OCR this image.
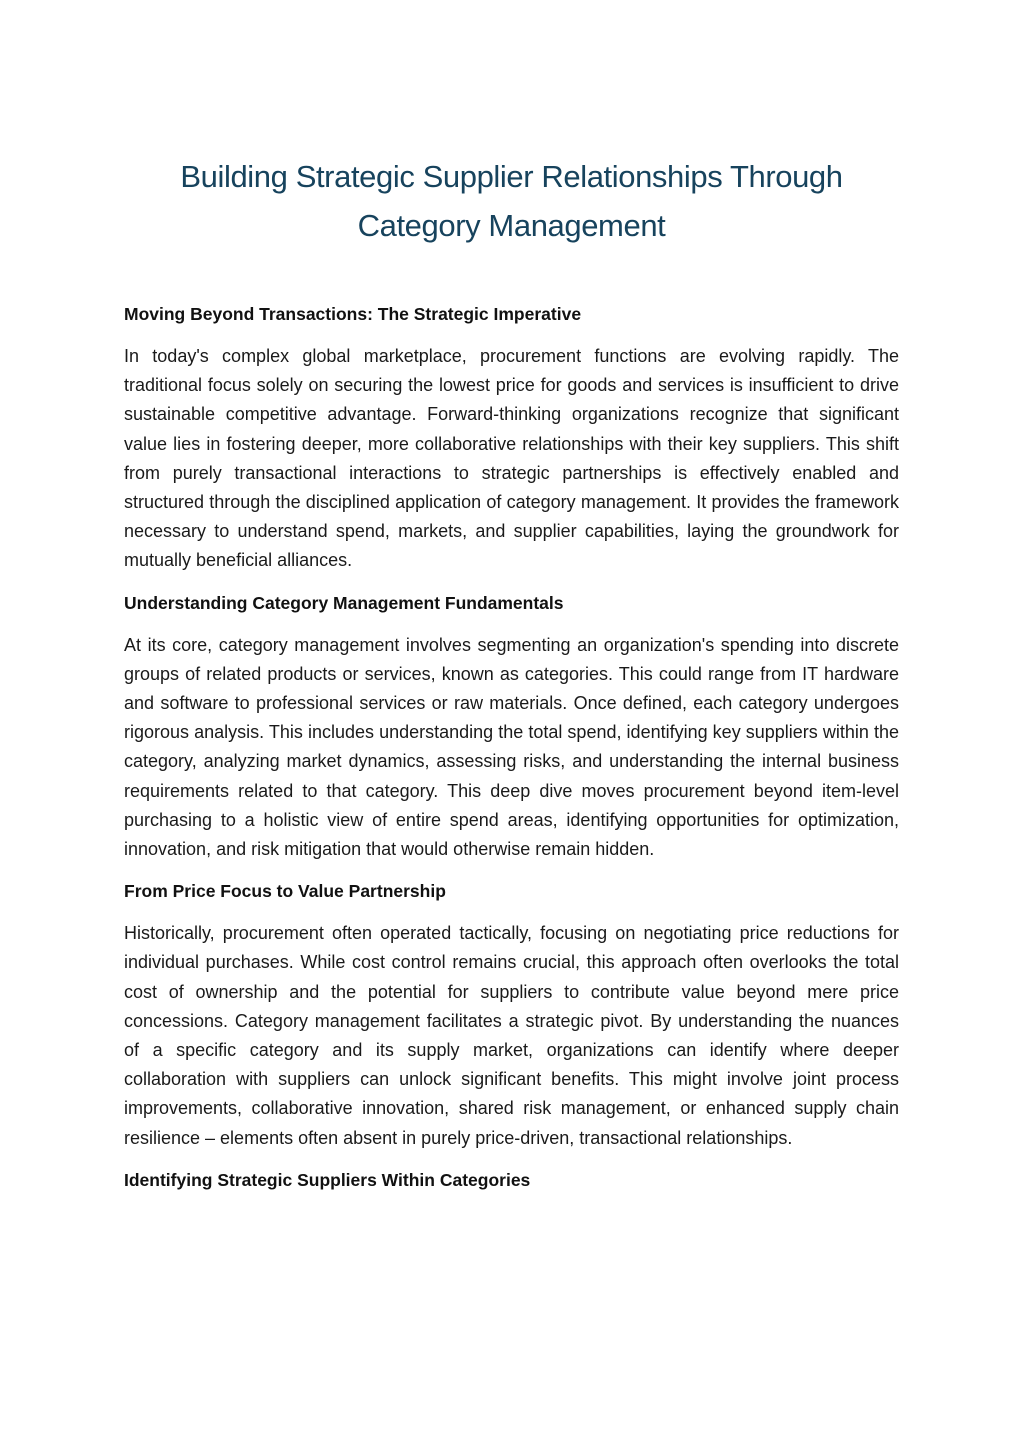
Building Strategic Supplier Relationships Through Category Management
Moving Beyond Transactions: The Strategic Imperative

In today's complex global marketplace, procurement functions are evolving rapidly. The traditional focus solely on securing the lowest price for goods and services is insufficient to drive sustainable competitive advantage. Forward-thinking organizations recognize that significant value lies in fostering deeper, more collaborative relationships with their key suppliers. This shift from purely transactional interactions to strategic partnerships is effectively enabled and structured through the disciplined application of category management. It provides the framework necessary to understand spend, markets, and supplier capabilities, laying the groundwork for mutually beneficial alliances.

Understanding Category Management Fundamentals

At its core, category management involves segmenting an organization's spending into discrete groups of related products or services, known as categories. This could range from IT hardware and software to professional services or raw materials. Once defined, each category undergoes rigorous analysis. This includes understanding the total spend, identifying key suppliers within the category, analyzing market dynamics, assessing risks, and understanding the internal business requirements related to that category. This deep dive moves procurement beyond item-level purchasing to a holistic view of entire spend areas, identifying opportunities for optimization, innovation, and risk mitigation that would otherwise remain hidden.

From Price Focus to Value Partnership

Historically, procurement often operated tactically, focusing on negotiating price reductions for individual purchases. While cost control remains crucial, this approach often overlooks the total cost of ownership and the potential for suppliers to contribute value beyond mere price concessions. Category management facilitates a strategic pivot. By understanding the nuances of a specific category and its supply market, organizations can identify where deeper collaboration with suppliers can unlock significant benefits. This might involve joint process improvements, collaborative innovation, shared risk management, or enhanced supply chain resilience – elements often absent in purely price-driven, transactional relationships.

Identifying Strategic Suppliers Within Categories
